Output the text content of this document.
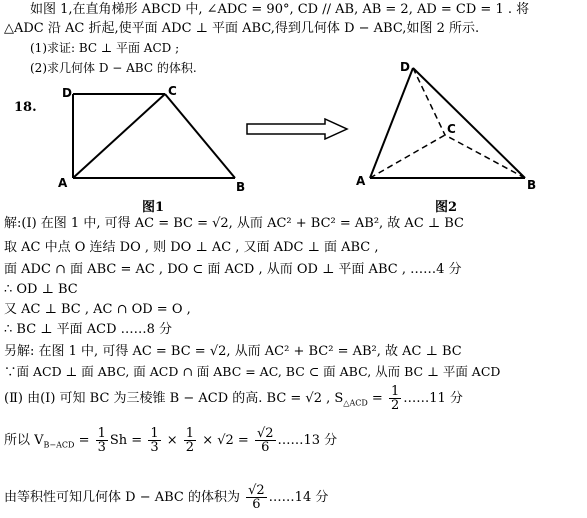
如图 1,在直角梯形 ABCD 中, ∠ADC = 90°, CD // AB, AB = 2, AD = CD = 1 . 将
△ADC 沿 AC 折起,使平面 ADC ⊥ 平面 ABC,得到几何体 D − ABC,如图 2 所示.
(1)求证: BC ⊥ 平面 ACD ;
(2)求几何体 D − ABC 的体积.
18.
D	C
A	B
图1
D
C
A	B
图2
解:(Ⅰ) 在图 1 中, 可得 AC = BC = √2, 从而 AC² + BC² = AB², 故 AC ⊥ BC
取 AC 中点 O 连结 DO , 则 DO ⊥ AC , 又面 ADC ⊥ 面 ABC ,
面 ADC ∩ 面 ABC = AC , DO ⊂ 面 ACD , 从而 OD ⊥ 平面 ABC , ……4 分
∴ OD ⊥ BC
又 AC ⊥ BC , AC ∩ OD = O ,
∴ BC ⊥ 平面 ACD ……8 分
另解: 在图 1 中, 可得 AC = BC = √2, 从而 AC² + BC² = AB², 故 AC ⊥ BC
∵面 ACD ⊥ 面 ABC, 面 ACD ∩ 面 ABC = AC, BC ⊂ 面 ABC, 从而 BC ⊥ 平面 ACD
(Ⅱ) 由(Ⅰ) 可知 BC 为三棱锥 B − ACD 的高. BC = √2 , $S_{\triangle ACD} = \frac{1}{2}$ ……11 分
所以 $V_{B-ACD} = \frac{1}{3}$ $Sh = \frac{1}{3} \times \frac{1}{2} \times √2 = \frac{√2}{6}$ ……13 分
由等积性可知几何体 D − ABC 的体积为 $\frac{√2}{6}$ ……14 分
